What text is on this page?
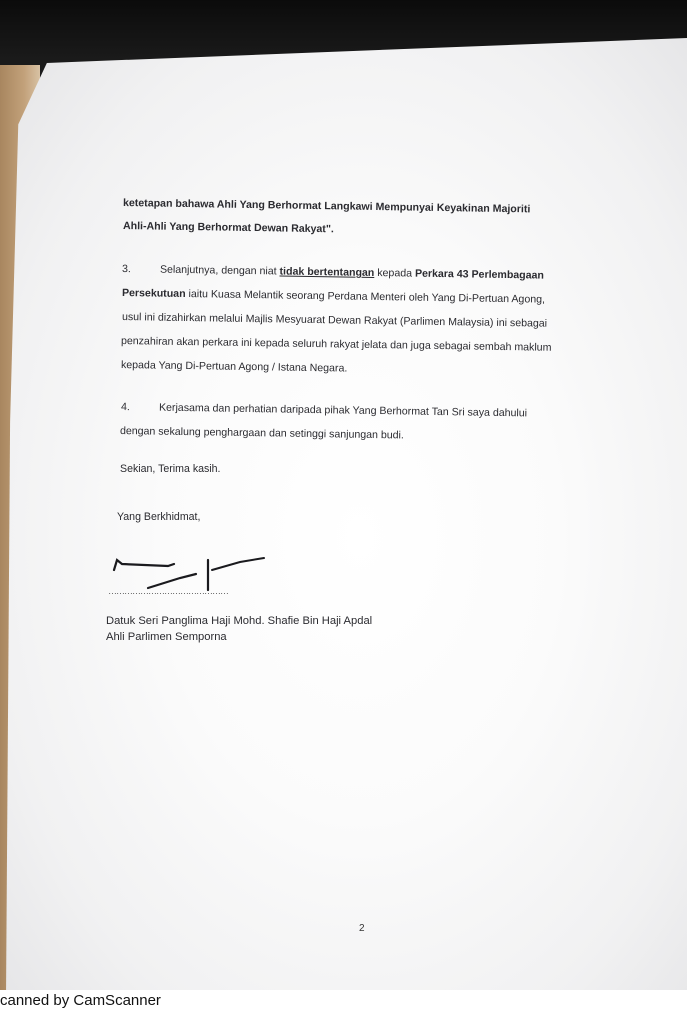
ketetapan bahawa Ahli Yang Berhormat Langkawi Mempunyai Keyakinan Majoriti
Ahli-Ahli Yang Berhormat Dewan Rakyat".
3.	Selanjutnya, dengan niat tidak bertentangan kepada Perkara 43 Perlembagaan
Persekutuan iaitu Kuasa Melantik seorang Perdana Menteri oleh Yang Di-Pertuan Agong,
usul ini dizahirkan melalui Majlis Mesyuarat Dewan Rakyat (Parlimen Malaysia) ini sebagai
penzahiran akan perkara ini kepada seluruh rakyat jelata dan juga sebagai sembah maklum
kepada Yang Di-Pertuan Agong / Istana Negara.
4.	Kerjasama dan perhatian daripada pihak Yang Berhormat Tan Sri saya dahului
dengan sekalung penghargaan dan setinggi sanjungan budi.
Sekian, Terima kasih.
Yang Berkhidmat,
………………………………………
Datuk Seri Panglima Haji Mohd. Shafie Bin Haji Apdal
Ahli Parlimen Semporna
2
canned by CamScanner
